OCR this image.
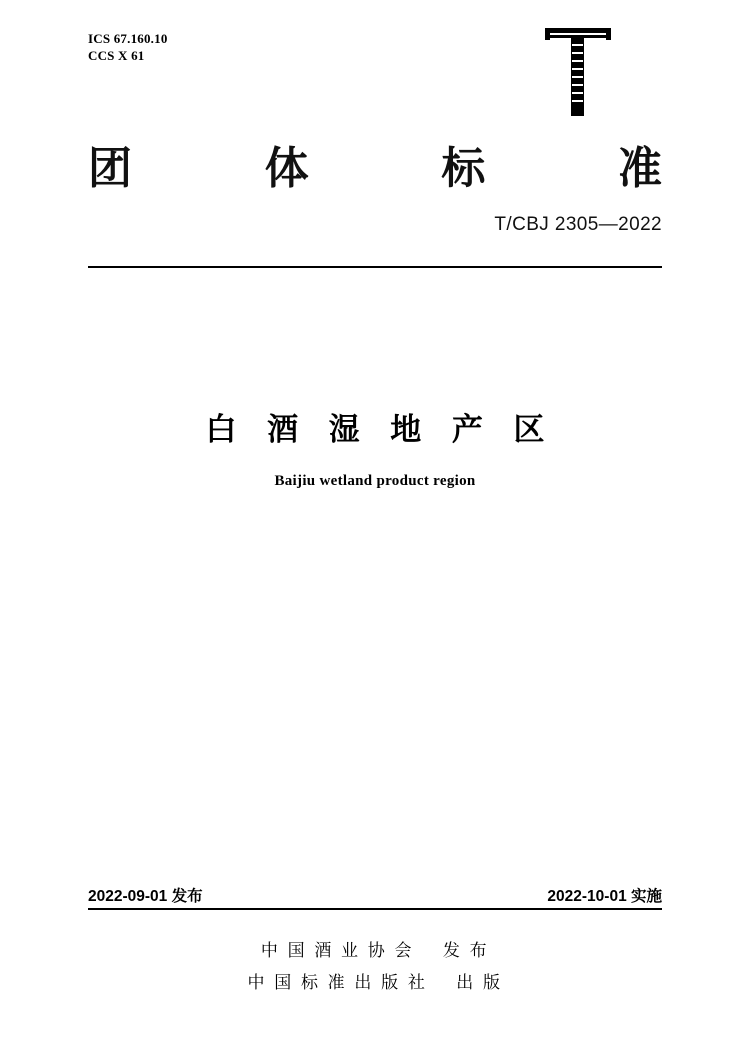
ICS 67.160.10
CCS X 61
团	体	标	准
T/CBJ 2305—2022
白 酒 湿 地 产 区
Baijiu wetland product region
2022-09-01 发布	2022-10-01 实施
中 国 酒 业 协 会    发 布
中 国 标 准 出 版 社    出 版
